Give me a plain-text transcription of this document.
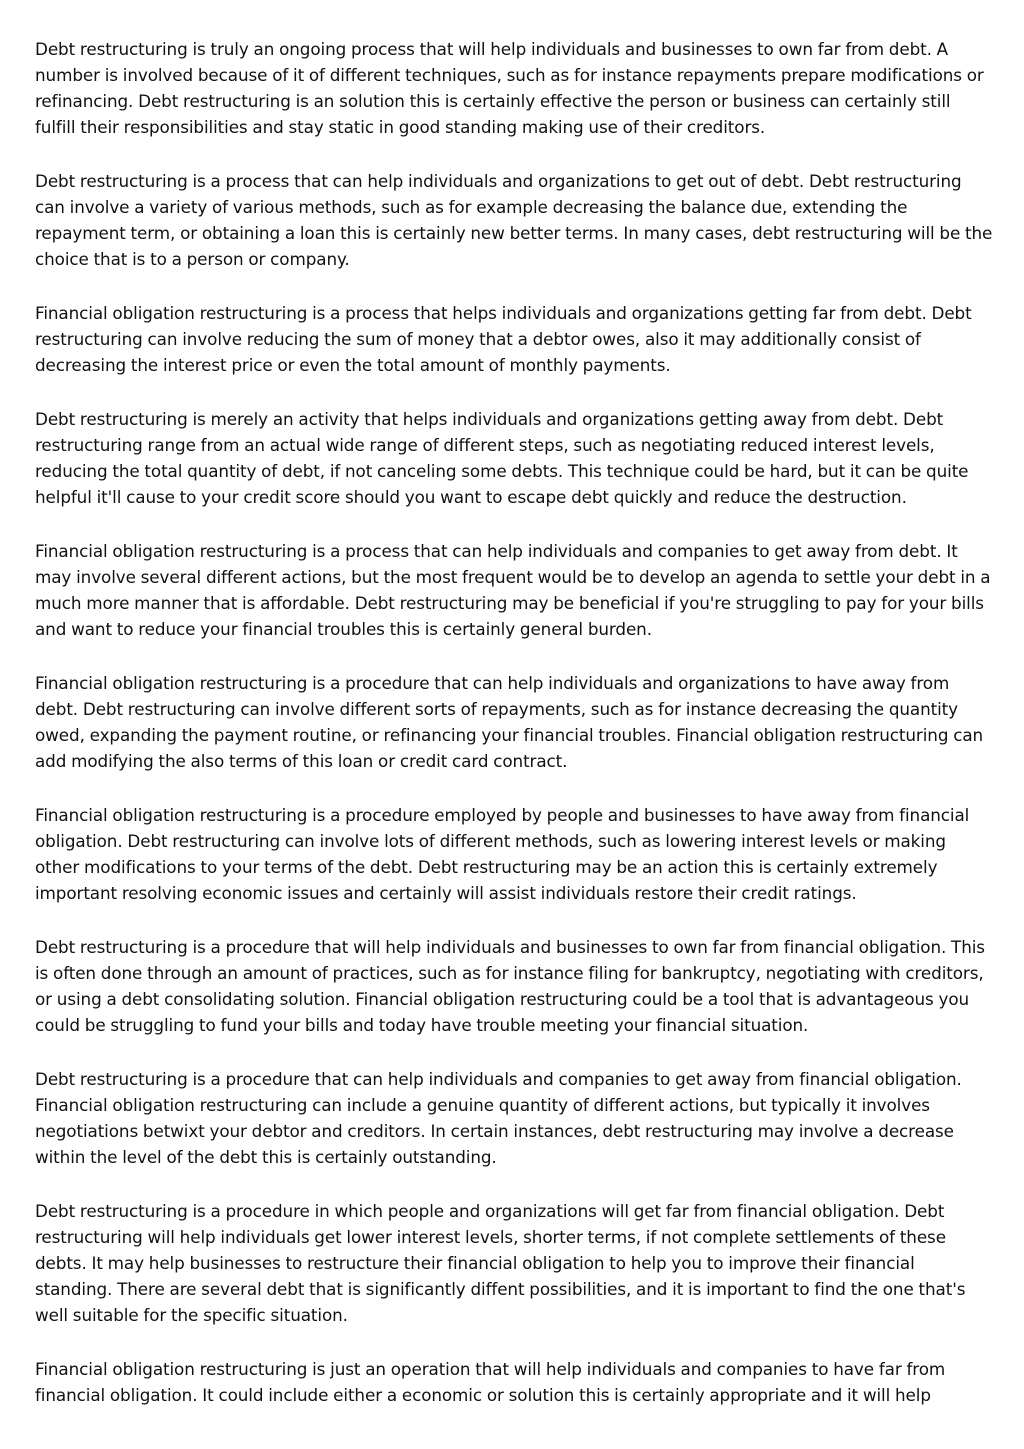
Debt restructuring is truly an ongoing process that will help individuals and businesses to own far from debt. A number is involved because of it of different techniques, such as for instance repayments prepare modifications or refinancing. Debt restructuring is an solution this is certainly effective the person or business can certainly still fulfill their responsibilities and stay static in good standing making use of their creditors.

Debt restructuring is a process that can help individuals and organizations to get out of debt. Debt restructuring can involve a variety of various methods, such as for example decreasing the balance due, extending the repayment term, or obtaining a loan this is certainly new better terms. In many cases, debt restructuring will be the choice that is to a person or company.

Financial obligation restructuring is a process that helps individuals and organizations getting far from debt. Debt restructuring can involve reducing the sum of money that a debtor owes, also it may additionally consist of decreasing the interest price or even the total amount of monthly payments.

Debt restructuring is merely an activity that helps individuals and organizations getting away from debt. Debt restructuring range from an actual wide range of different steps, such as negotiating reduced interest levels, reducing the total quantity of debt, if not canceling some debts. This technique could be hard, but it can be quite helpful it'll cause to your credit score should you want to escape debt quickly and reduce the destruction.

Financial obligation restructuring is a process that can help individuals and companies to get away from debt. It may involve several different actions, but the most frequent would be to develop an agenda to settle your debt in a much more manner that is affordable. Debt restructuring may be beneficial if you're struggling to pay for your bills and want to reduce your financial troubles this is certainly general burden.

Financial obligation restructuring is a procedure that can help individuals and organizations to have away from debt. Debt restructuring can involve different sorts of repayments, such as for instance decreasing the quantity owed, expanding the payment routine, or refinancing your financial troubles. Financial obligation restructuring can add modifying the also terms of this loan or credit card contract.

Financial obligation restructuring is a procedure employed by people and businesses to have away from financial obligation. Debt restructuring can involve lots of different methods, such as lowering interest levels or making other modifications to your terms of the debt. Debt restructuring may be an action this is certainly extremely important resolving economic issues and certainly will assist individuals restore their credit ratings.

Debt restructuring is a procedure that will help individuals and businesses to own far from financial obligation. This is often done through an amount of practices, such as for instance filing for bankruptcy, negotiating with creditors, or using a debt consolidating solution. Financial obligation restructuring could be a tool that is advantageous you could be struggling to fund your bills and today have trouble meeting your financial situation.

Debt restructuring is a procedure that can help individuals and companies to get away from financial obligation. Financial obligation restructuring can include a genuine quantity of different actions, but typically it involves negotiations betwixt your debtor and creditors. In certain instances, debt restructuring may involve a decrease within the level of the debt this is certainly outstanding.

Debt restructuring is a procedure in which people and organizations will get far from financial obligation. Debt restructuring will help individuals get lower interest levels, shorter terms, if not complete settlements of these debts. It may help businesses to restructure their financial obligation to help you to improve their financial standing. There are several debt that is significantly diffent possibilities, and it is important to find the one that's well suitable for the specific situation.

Financial obligation restructuring is just an operation that will help individuals and companies to have far from financial obligation. It could include either a economic or solution this is certainly appropriate and it will help
